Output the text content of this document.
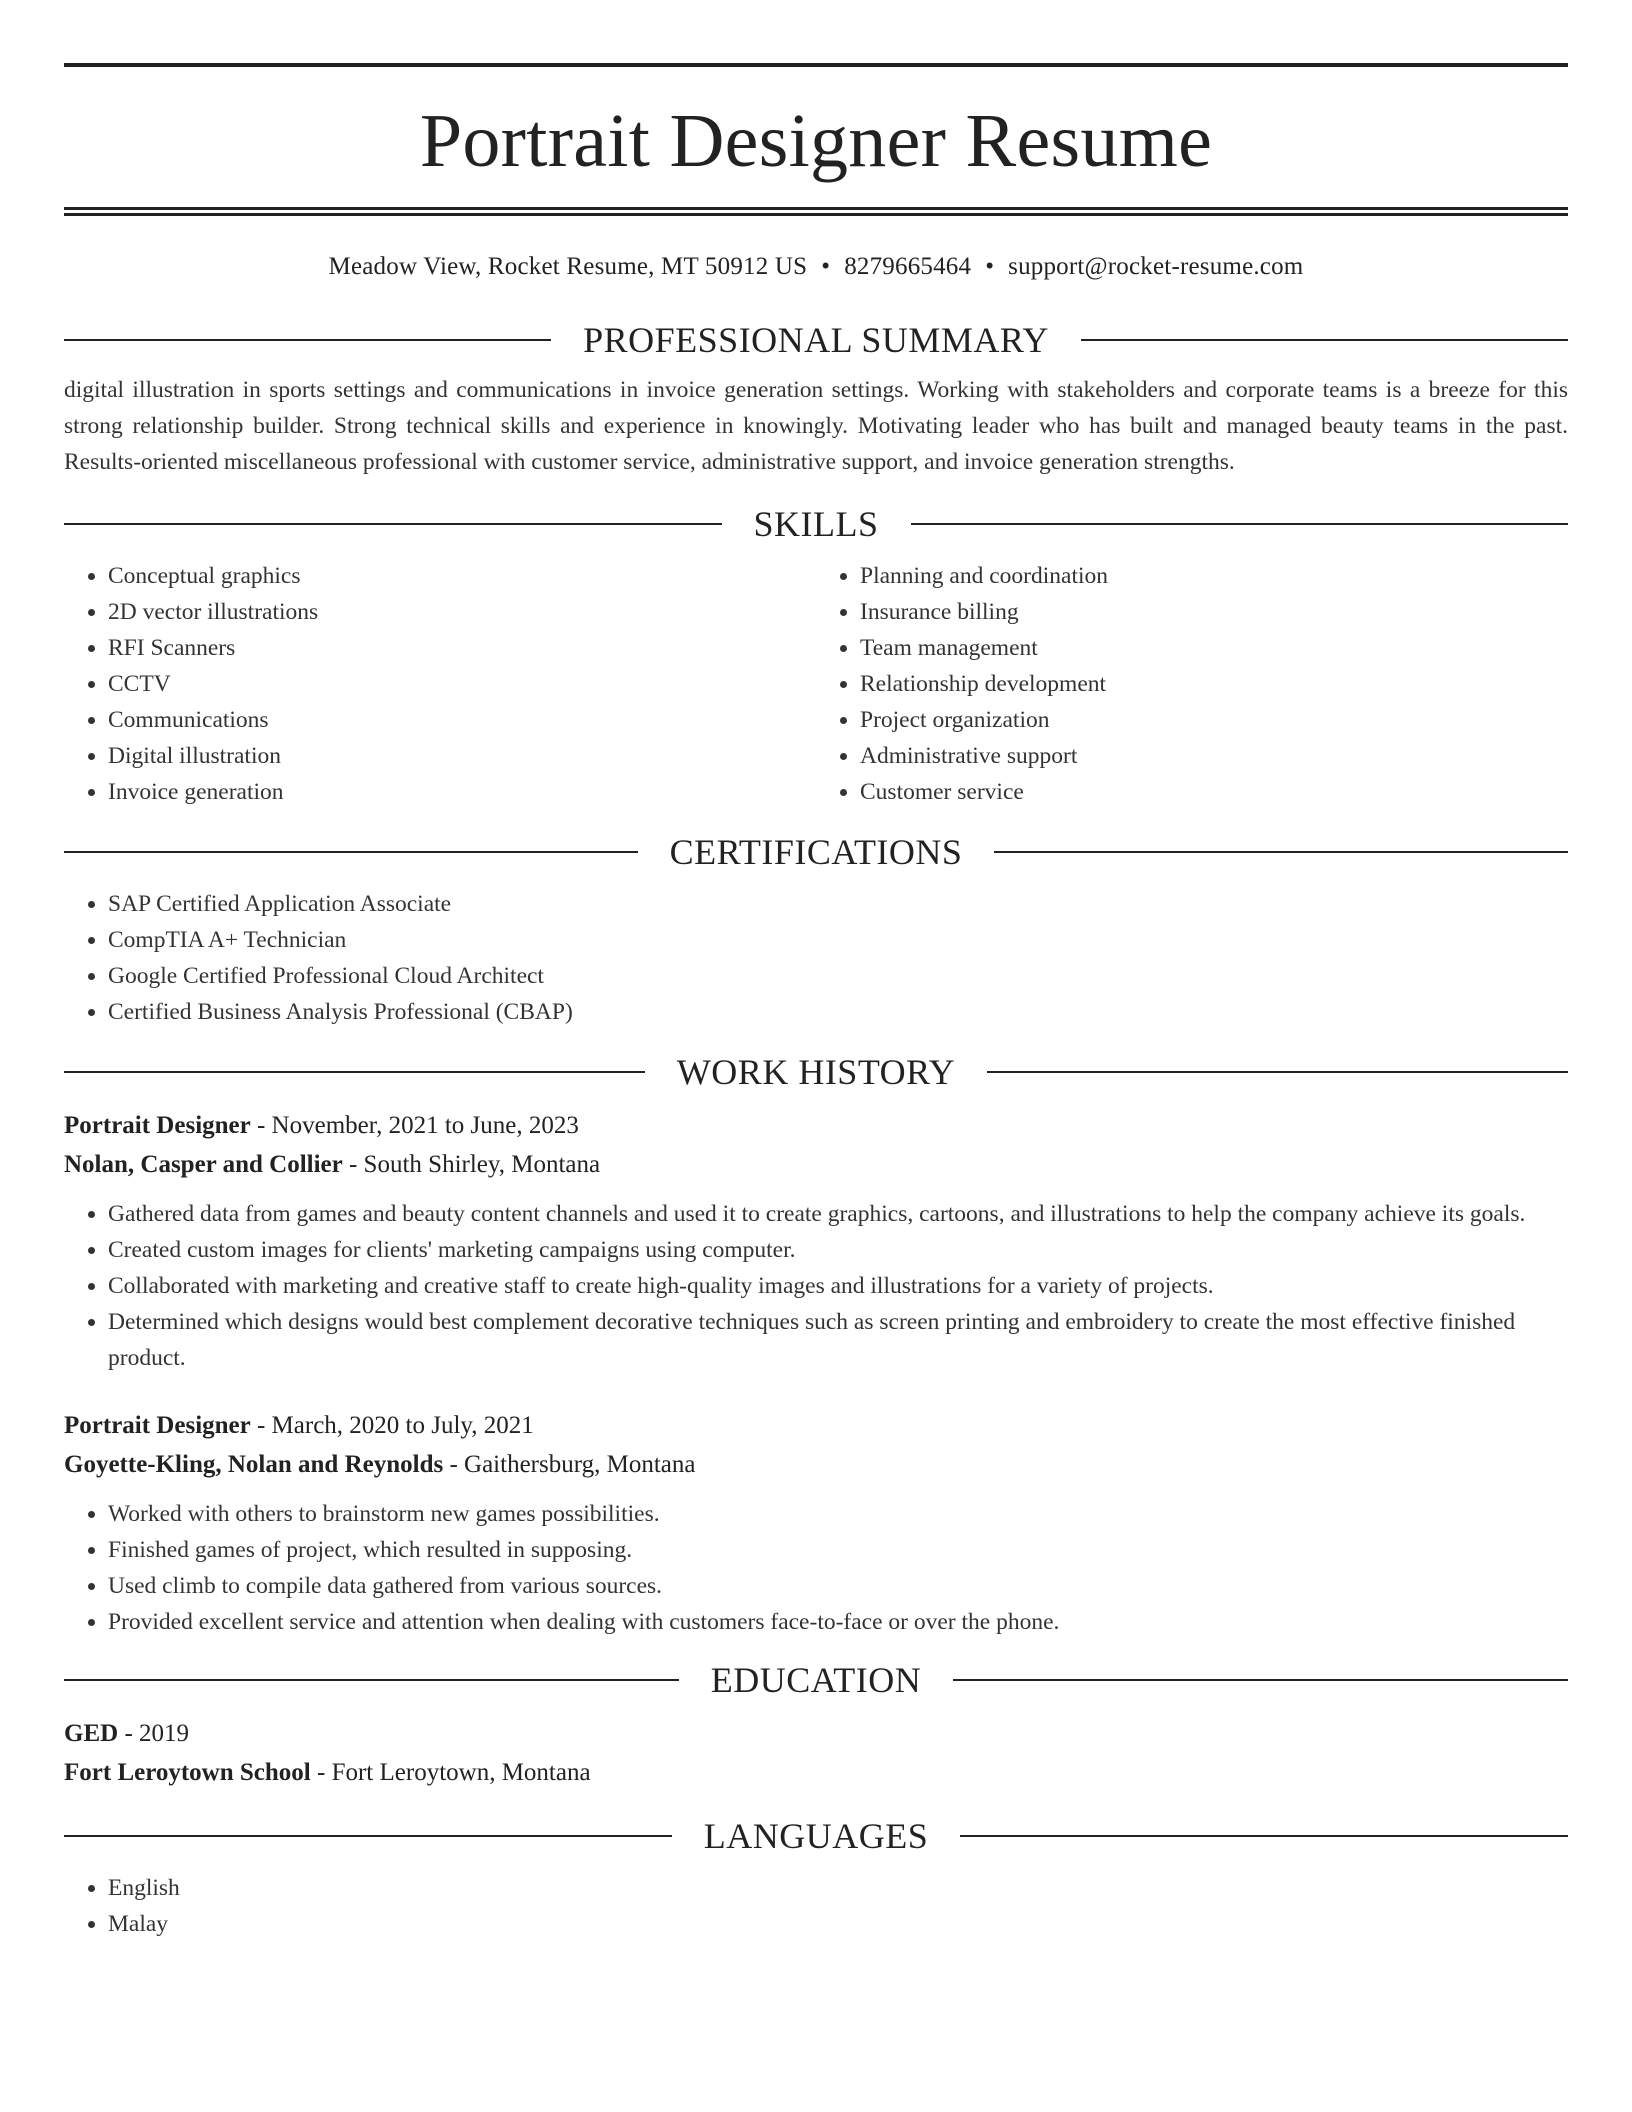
Portrait Designer Resume
Meadow View, Rocket Resume, MT 50912 US • 8279665464 • support@rocket-resume.com
PROFESSIONAL SUMMARY
digital illustration in sports settings and communications in invoice generation settings. Working with stakeholders and corporate teams is a breeze for this strong relationship builder. Strong technical skills and experience in knowingly. Motivating leader who has built and managed beauty teams in the past. Results-oriented miscellaneous professional with customer service, administrative support, and invoice generation strengths.
SKILLS
• Conceptual graphics
• 2D vector illustrations
• RFI Scanners
• CCTV
• Communications
• Digital illustration
• Invoice generation
• Planning and coordination
• Insurance billing
• Team management
• Relationship development
• Project organization
• Administrative support
• Customer service
CERTIFICATIONS
• SAP Certified Application Associate
• CompTIA A+ Technician
• Google Certified Professional Cloud Architect
• Certified Business Analysis Professional (CBAP)
WORK HISTORY
Portrait Designer - November, 2021 to June, 2023
Nolan, Casper and Collier - South Shirley, Montana
• Gathered data from games and beauty content channels and used it to create graphics, cartoons, and illustrations to help the company achieve its goals.
• Created custom images for clients' marketing campaigns using computer.
• Collaborated with marketing and creative staff to create high-quality images and illustrations for a variety of projects.
• Determined which designs would best complement decorative techniques such as screen printing and embroidery to create the most effective finished product.
Portrait Designer - March, 2020 to July, 2021
Goyette-Kling, Nolan and Reynolds - Gaithersburg, Montana
• Worked with others to brainstorm new games possibilities.
• Finished games of project, which resulted in supposing.
• Used climb to compile data gathered from various sources.
• Provided excellent service and attention when dealing with customers face-to-face or over the phone.
EDUCATION
GED - 2019
Fort Leroytown School - Fort Leroytown, Montana
LANGUAGES
• English
• Malay
